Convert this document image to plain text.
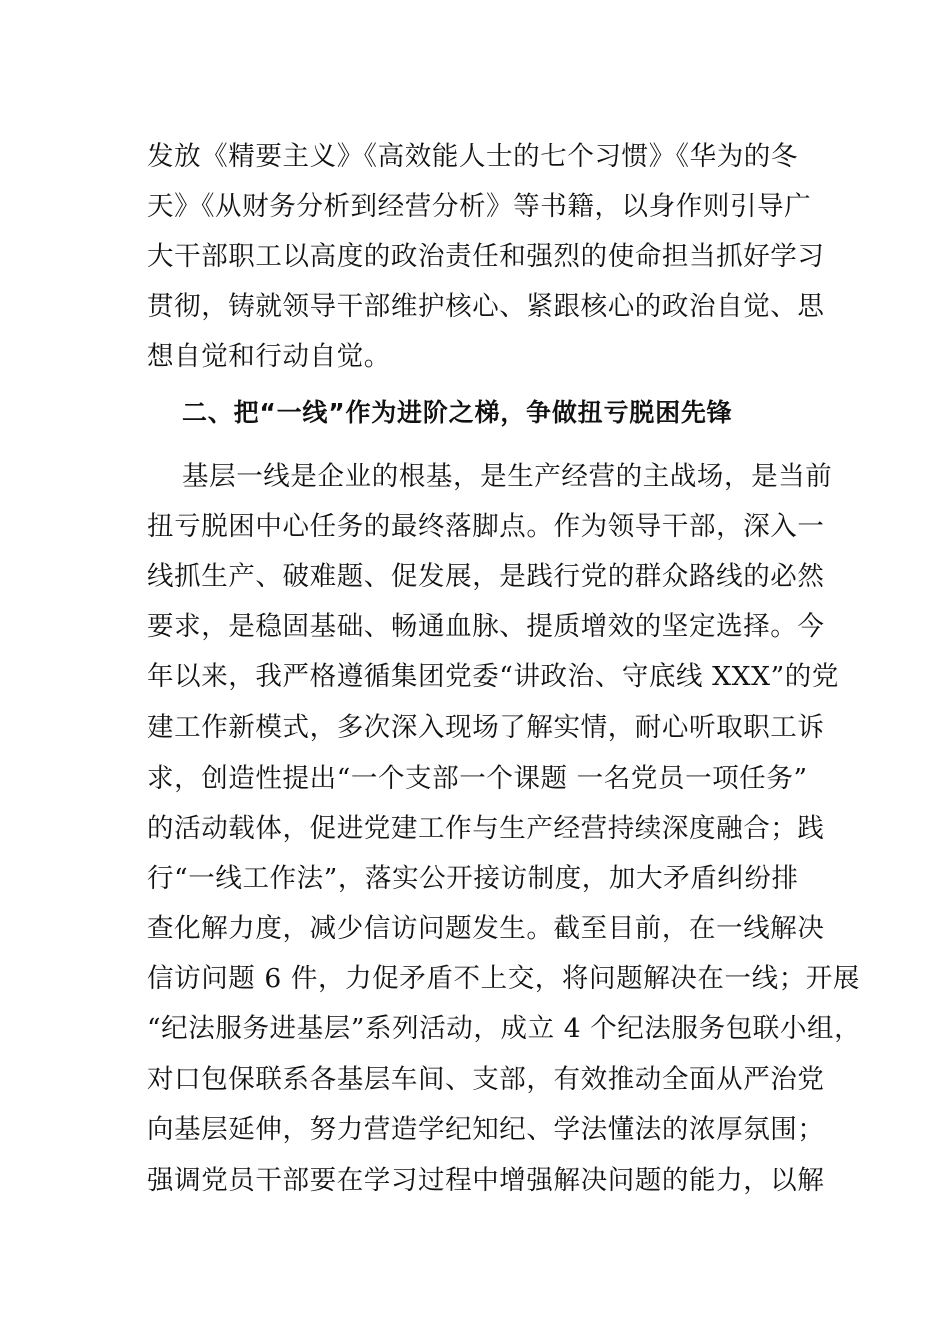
发放《精要主义》《高效能人士的七个习惯》《华为的冬
天》《从财务分析到经营分析》等书籍，以身作则引导广
大干部职工以高度的政治责任和强烈的使命担当抓好学习
贯彻，铸就领导干部维护核心、紧跟核心的政治自觉、思
想自觉和行动自觉。
二、把“一线”作为进阶之梯，争做扭亏脱困先锋
基层一线是企业的根基，是生产经营的主战场，是当前
扭亏脱困中心任务的最终落脚点。作为领导干部，深入一
线抓生产、破难题、促发展，是践行党的群众路线的必然
要求，是稳固基础、畅通血脉、提质增效的坚定选择。今
年以来，我严格遵循集团党委“讲政治、守底线 XXX”的党
建工作新模式，多次深入现场了解实情，耐心听取职工诉
求，创造性提出“一个支部一个课题 一名党员一项任务”
的活动载体，促进党建工作与生产经营持续深度融合；践
行“一线工作法”，落实公开接访制度，加大矛盾纠纷排
查化解力度，减少信访问题发生。截至目前，在一线解决
信访问题 6 件，力促矛盾不上交，将问题解决在一线；开展
“纪法服务进基层”系列活动，成立 4 个纪法服务包联小组，
对口包保联系各基层车间、支部，有效推动全面从严治党
向基层延伸，努力营造学纪知纪、学法懂法的浓厚氛围；
强调党员干部要在学习过程中增强解决问题的能力，以解
